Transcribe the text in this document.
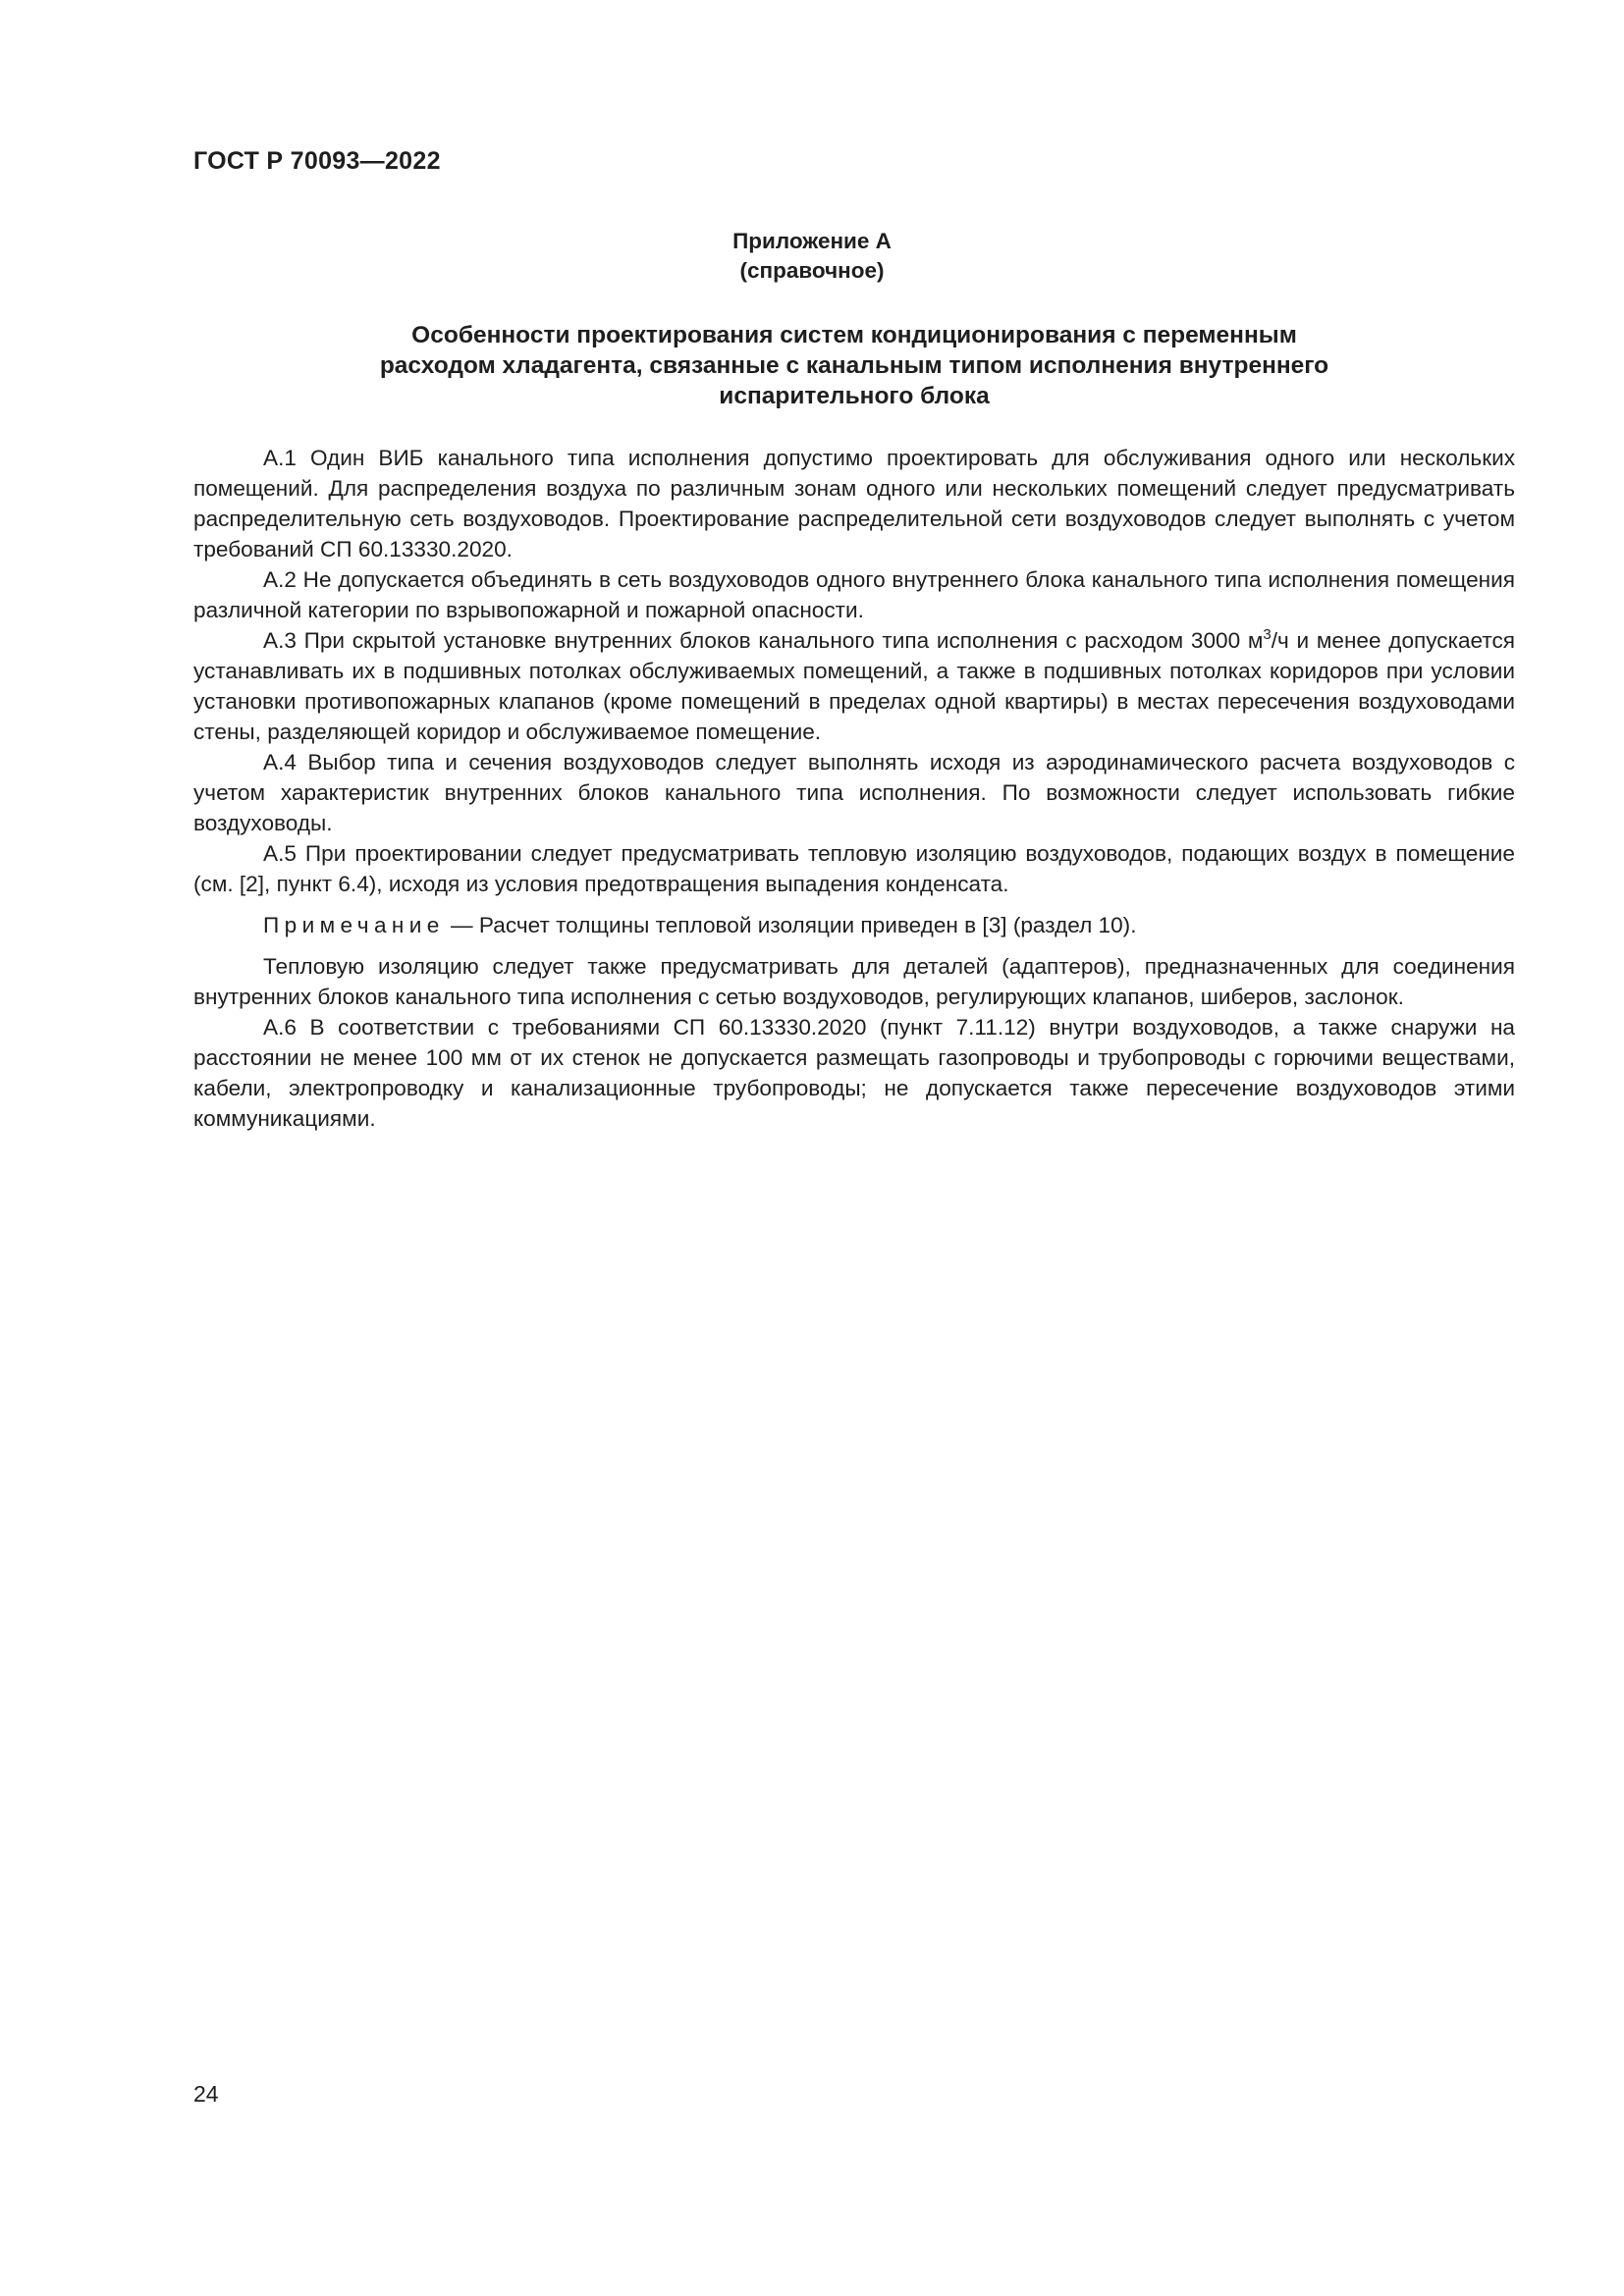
ГОСТ Р 70093—2022
Приложение А
(справочное)
Особенности проектирования систем кондиционирования с переменным
расходом хладагента, связанные с канальным типом исполнения внутреннего
испарительного блока

А.1 Один ВИБ канального типа исполнения допустимо проектировать для обслуживания одного или нескольких помещений. Для распределения воздуха по различным зонам одного или нескольких помещений следует предусматривать распределительную сеть воздуховодов. Проектирование распределительной сети воздуховодов следует выполнять с учетом требований СП 60.13330.2020.

А.2 Не допускается объединять в сеть воздуховодов одного внутреннего блока канального типа исполнения помещения различной категории по взрывопожарной и пожарной опасности.

А.3 При скрытой установке внутренних блоков канального типа исполнения с расходом 3000 $м^3/ч$ и менее допускается устанавливать их в подшивных потолках обслуживаемых помещений, а также в подшивных потолках коридоров при условии установки противопожарных клапанов (кроме помещений в пределах одной квартиры) в местах пересечения воздуховодами стены, разделяющей коридор и обслуживаемое помещение.

А.4 Выбор типа и сечения воздуховодов следует выполнять исходя из аэродинамического расчета воздуховодов с учетом характеристик внутренних блоков канального типа исполнения. По возможности следует использовать гибкие воздуховоды.

А.5 При проектировании следует предусматривать тепловую изоляцию воздуховодов, подающих воздух в помещение (см. [2], пункт 6.4), исходя из условия предотвращения выпадения конденсата.

Примечание — Расчет толщины тепловой изоляции приведен в [3] (раздел 10).

Тепловую изоляцию следует также предусматривать для деталей (адаптеров), предназначенных для соединения внутренних блоков канального типа исполнения с сетью воздуховодов, регулирующих клапанов, шиберов, заслонок.

А.6 В соответствии с требованиями СП 60.13330.2020 (пункт 7.11.12) внутри воздуховодов, а также снаружи на расстоянии не менее 100 мм от их стенок не допускается размещать газопроводы и трубопроводы с горючими веществами, кабели, электропроводку и канализационные трубопроводы; не допускается также пересечение воздуховодов этими коммуникациями.

24
